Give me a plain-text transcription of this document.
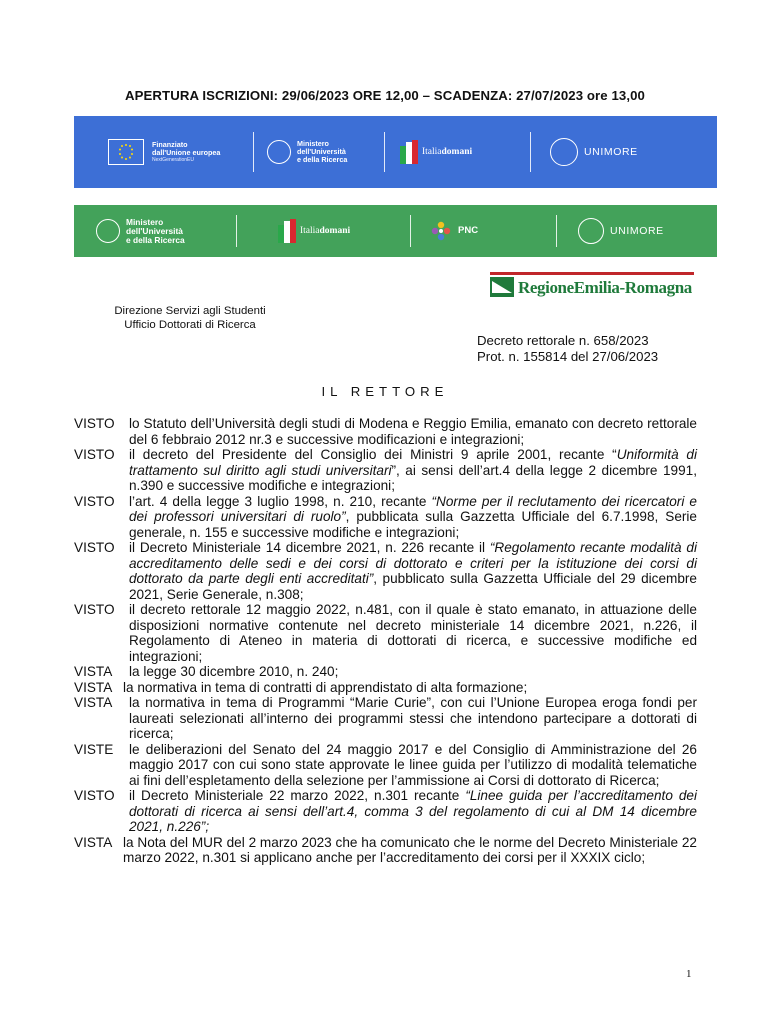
APERTURA ISCRIZIONI: 29/06/2023 ORE 12,00 – SCADENZA: 27/07/2023 ore 13,00
Finanziato
dall'Unione europea
NextGenerationEU
Ministero
dell'Università
e della Ricerca
Italiadomani	UNIMORE
Ministero
dell'Università
e della Ricerca
Italiadomani	PNC	UNIMORE
RegioneEmilia-Romagna
Direzione Servizi agli Studenti
Ufficio Dottorati di Ricerca
Decreto rettorale n. 658/2023
Prot. n. 155814 del 27/06/2023
IL RETTORE
VISTO lo Statuto dell’Università degli studi di Modena e Reggio Emilia, emanato con decreto rettorale del 6 febbraio 2012 nr.3 e successive modificazioni e integrazioni;
VISTO il decreto del Presidente del Consiglio dei Ministri 9 aprile 2001, recante “Uniformità di trattamento sul diritto agli studi universitari”, ai sensi dell’art.4 della legge 2 dicembre 1991, n.390 e successive modifiche e integrazioni;
VISTO l’art. 4 della legge 3 luglio 1998, n. 210, recante “Norme per il reclutamento dei ricercatori e dei professori universitari di ruolo”, pubblicata sulla Gazzetta Ufficiale del 6.7.1998, Serie generale, n. 155 e successive modifiche e integrazioni;
VISTO il Decreto Ministeriale 14 dicembre 2021, n. 226 recante il “Regolamento recante modalità di accreditamento delle sedi e dei corsi di dottorato e criteri per la istituzione dei corsi di dottorato da parte degli enti accreditati”, pubblicato sulla Gazzetta Ufficiale del 29 dicembre 2021, Serie Generale, n.308;
VISTO il decreto rettorale 12 maggio 2022, n.481, con il quale è stato emanato, in attuazione delle disposizioni normative contenute nel decreto ministeriale 14 dicembre 2021, n.226, il Regolamento di Ateneo in materia di dottorati di ricerca, e successive modifiche ed integrazioni;
VISTA la legge 30 dicembre 2010, n. 240;
VISTA la normativa in tema di contratti di apprendistato di alta formazione;
VISTA la normativa in tema di Programmi “Marie Curie”, con cui l’Unione Europea eroga fondi per laureati selezionati all’interno dei programmi stessi che intendono partecipare a dottorati di ricerca;
VISTE le deliberazioni del Senato del 24 maggio 2017 e del Consiglio di Amministrazione del 26 maggio 2017 con cui sono state approvate le linee guida per l’utilizzo di modalità telematiche ai fini dell’espletamento della selezione per l’ammissione ai Corsi di dottorato di Ricerca;
VISTO il Decreto Ministeriale 22 marzo 2022, n.301 recante “Linee guida per l’accreditamento dei dottorati di ricerca ai sensi dell’art.4, comma 3 del regolamento di cui al DM 14 dicembre 2021, n.226”;
VISTA la Nota del MUR del 2 marzo 2023 che ha comunicato che le norme del Decreto Ministeriale 22 marzo 2022, n.301 si applicano anche per l’accreditamento dei corsi per il XXXIX ciclo;
1
